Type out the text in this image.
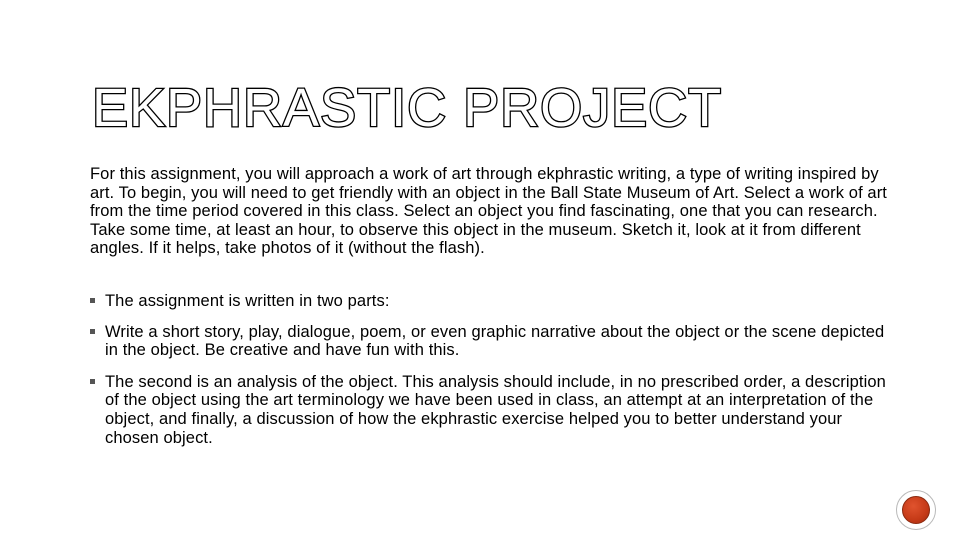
EKPHRASTIC PROJECT

For this assignment, you will approach a work of art through ekphrastic writing, a type of writing inspired by art. To begin, you will need to get friendly with an object in the Ball State Museum of Art. Select a work of art from the time period covered in this class. Select an object you find fascinating, one that you can research. Take some time, at least an hour, to observe this object in the museum. Sketch it, look at it from different angles. If it helps, take photos of it (without the flash).

The assignment is written in two parts:
Write a short story, play, dialogue, poem, or even graphic narrative about the object or the scene depicted in the object. Be creative and have fun with this.
The second is an analysis of the object. This analysis should include, in no prescribed order, a description of the object using the art terminology we have been used in class, an attempt at an interpretation of the object, and finally, a discussion of how the ekphrastic exercise helped you to better understand your chosen object.
